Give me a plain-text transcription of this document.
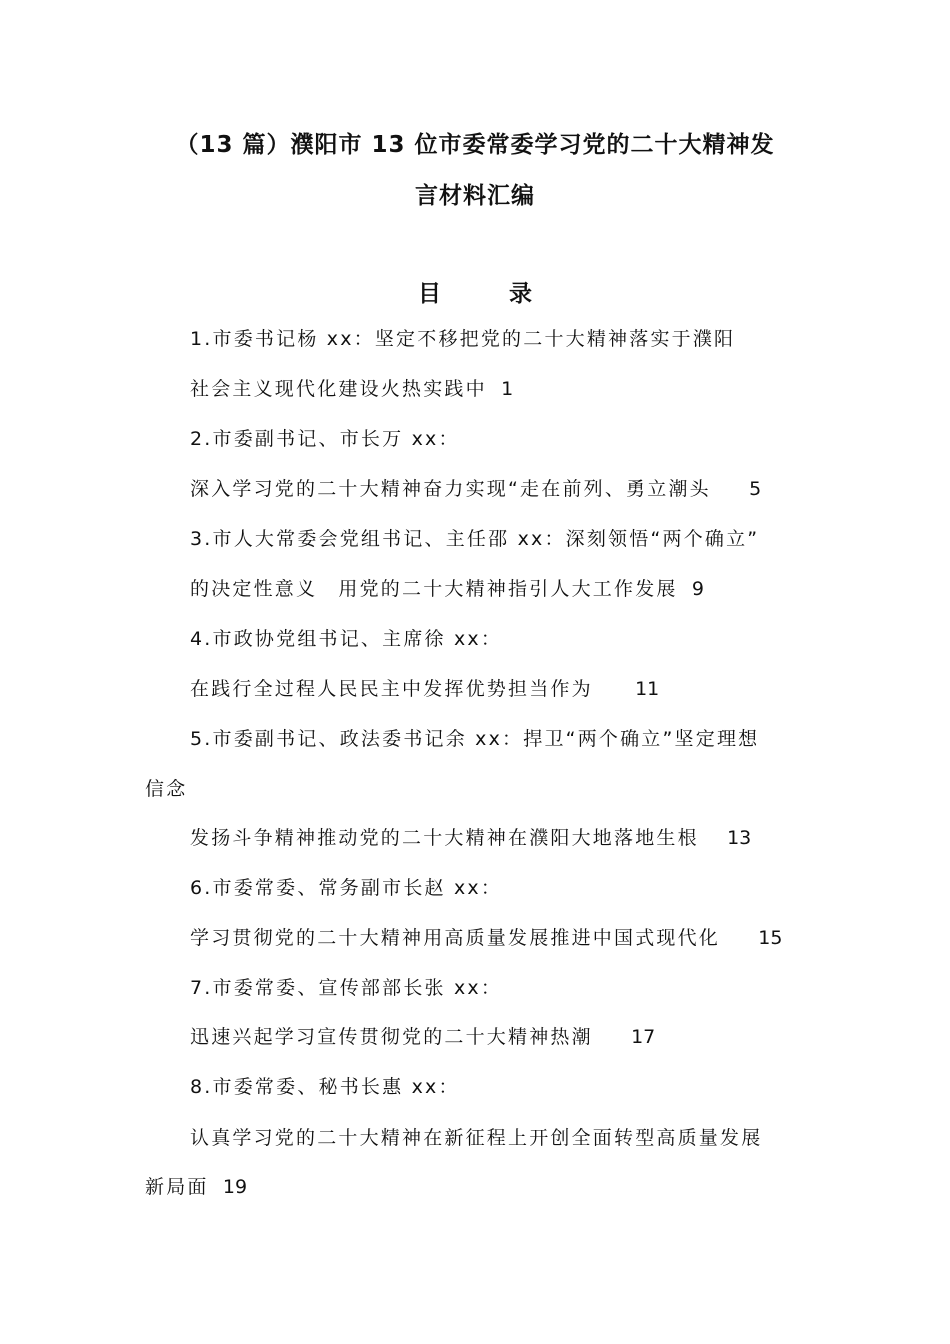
（13 篇）濮阳市 13 位市委常委学习党的二十大精神发
言材料汇编
目 录
1.市委书记杨 xx：坚定不移把党的二十大精神落实于濮阳
社会主义现代化建设火热实践中 1
2.市委副书记、市长万 xx：
深入学习党的二十大精神奋力实现“走在前列、勇立潮头 5
3.市人大常委会党组书记、主任邵 xx：深刻领悟“两个确立”
的决定性意义　用党的二十大精神指引人大工作发展 9
4.市政协党组书记、主席徐 xx：
在践行全过程人民民主中发挥优势担当作为 11
5.市委副书记、政法委书记余 xx：捍卫“两个确立”坚定理想
信念
发扬斗争精神推动党的二十大精神在濮阳大地落地生根 13
6.市委常委、常务副市长赵 xx：
学习贯彻党的二十大精神用高质量发展推进中国式现代化 15
7.市委常委、宣传部部长张 xx：
迅速兴起学习宣传贯彻党的二十大精神热潮 17
8.市委常委、秘书长惠 xx：
认真学习党的二十大精神在新征程上开创全面转型高质量发展
新局面 19
